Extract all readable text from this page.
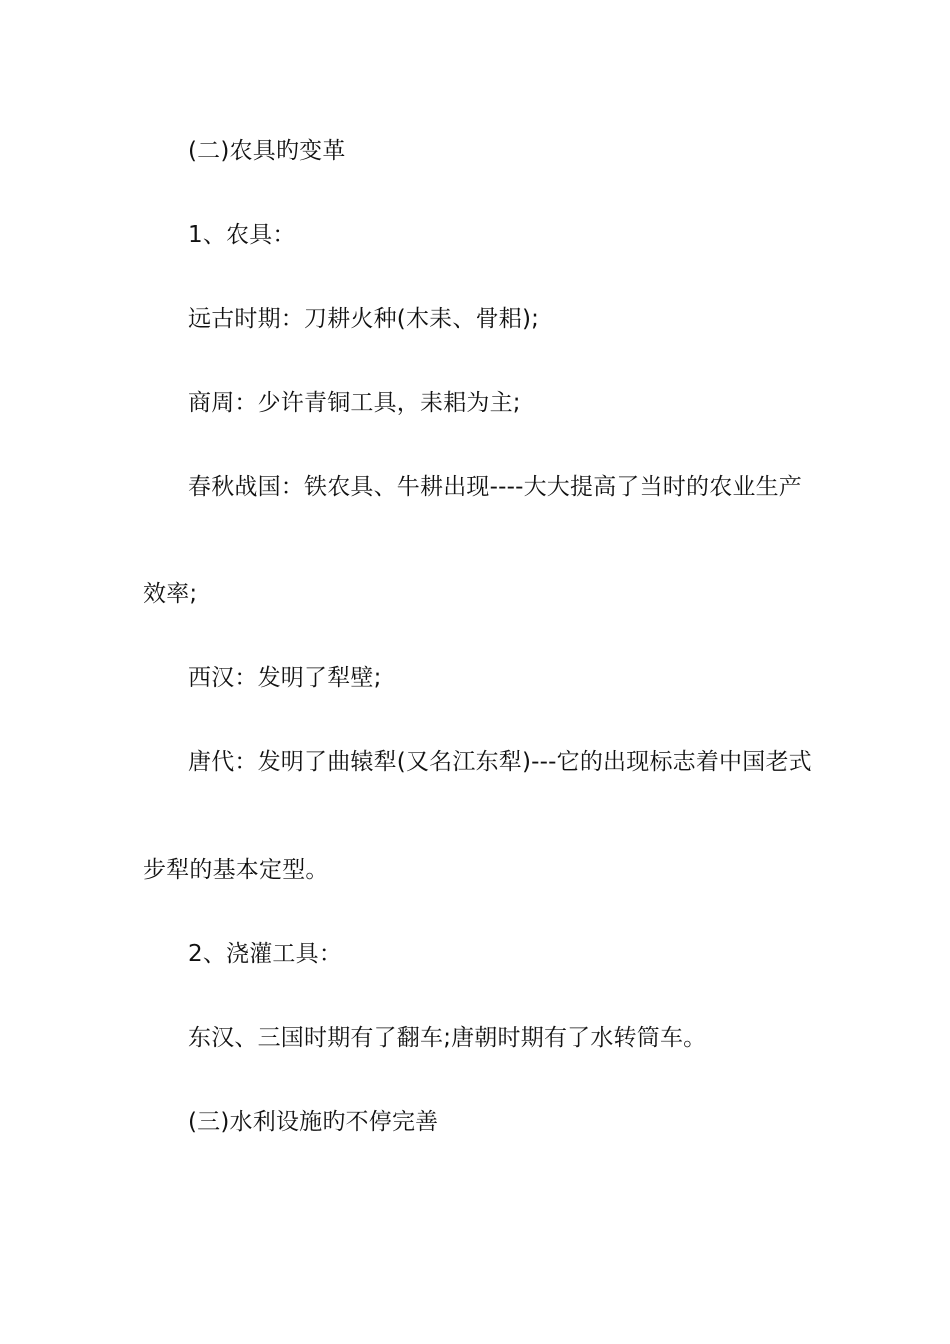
(二)农具旳变革
1、农具：
远古时期：刀耕火种(木耒、骨耜);
商周：少许青铜工具，耒耜为主;
春秋战国：铁农具、牛耕出现----大大提高了当时的农业生产
效率;
西汉：发明了犁壁;
唐代：发明了曲辕犁(又名江东犁)---它的出现标志着中国老式
步犁的基本定型。
2、浇灌工具：
东汉、三国时期有了翻车;唐朝时期有了水转筒车。
(三)水利设施旳不停完善
